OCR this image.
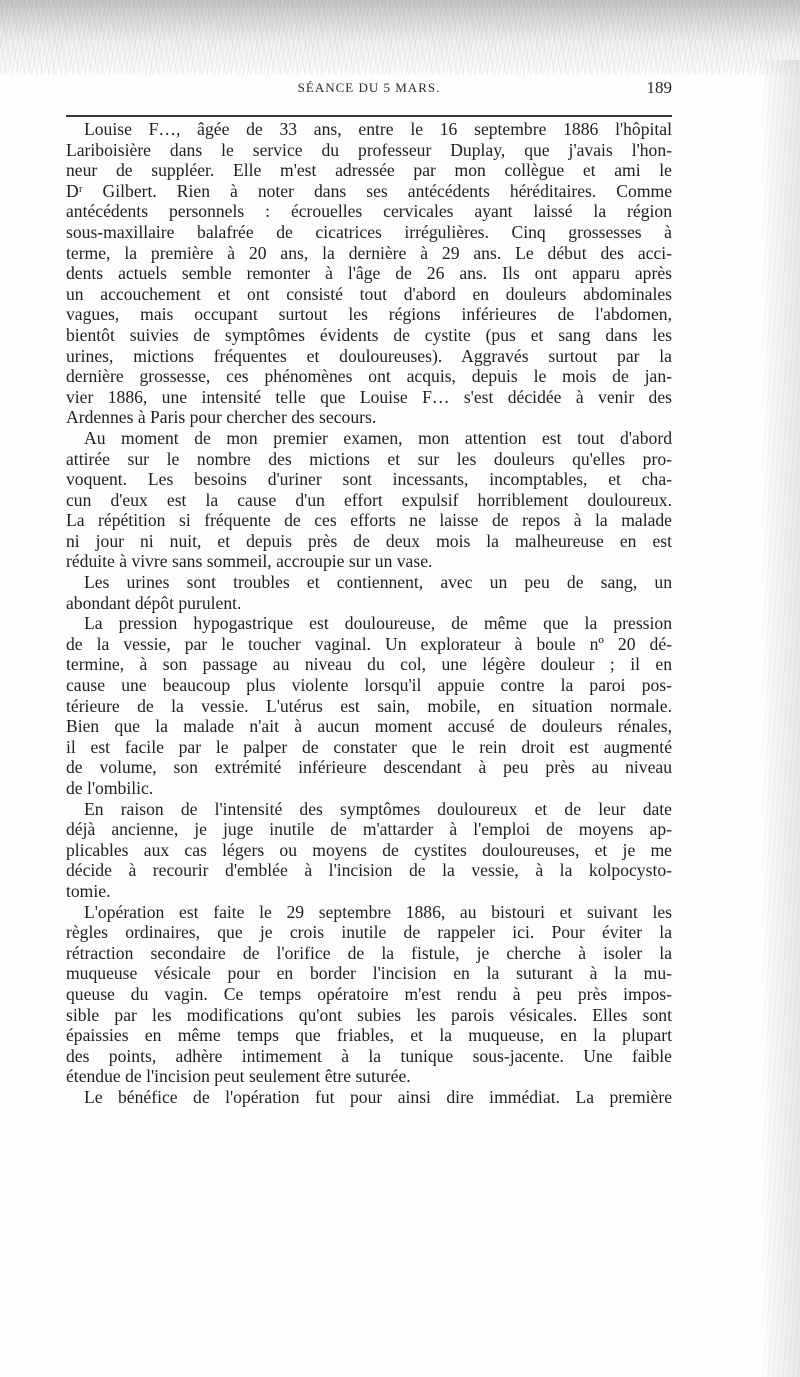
SÉANCE DU 5 MARS.	189
Louise F…, âgée de 33 ans, entre le 16 septembre 1886 l'hôpital
Lariboisière dans le service du professeur Duplay, que j'avais l'hon-
neur de suppléer. Elle m'est adressée par mon collègue et ami le
Dʳ Gilbert. Rien à noter dans ses antécédents héréditaires. Comme
antécédents personnels : écrouelles cervicales ayant laissé la région
sous-maxillaire balafrée de cicatrices irrégulières. Cinq grossesses à
terme, la première à 20 ans, la dernière à 29 ans. Le début des acci-
dents actuels semble remonter à l'âge de 26 ans. Ils ont apparu après
un accouchement et ont consisté tout d'abord en douleurs abdominales
vagues, mais occupant surtout les régions inférieures de l'abdomen,
bientôt suivies de symptômes évidents de cystite (pus et sang dans les
urines, mictions fréquentes et douloureuses). Aggravés surtout par la
dernière grossesse, ces phénomènes ont acquis, depuis le mois de jan-
vier 1886, une intensité telle que Louise F… s'est décidée à venir des
Ardennes à Paris pour chercher des secours.
Au moment de mon premier examen, mon attention est tout d'abord
attirée sur le nombre des mictions et sur les douleurs qu'elles pro-
voquent. Les besoins d'uriner sont incessants, incomptables, et cha-
cun d'eux est la cause d'un effort expulsif horriblement douloureux.
La répétition si fréquente de ces efforts ne laisse de repos à la malade
ni jour ni nuit, et depuis près de deux mois la malheureuse en est
réduite à vivre sans sommeil, accroupie sur un vase.
Les urines sont troubles et contiennent, avec un peu de sang, un
abondant dépôt purulent.
La pression hypogastrique est douloureuse, de même que la pression
de la vessie, par le toucher vaginal. Un explorateur à boule nº 20 dé-
termine, à son passage au niveau du col, une légère douleur ; il en
cause une beaucoup plus violente lorsqu'il appuie contre la paroi pos-
térieure de la vessie. L'utérus est sain, mobile, en situation normale.
Bien que la malade n'ait à aucun moment accusé de douleurs rénales,
il est facile par le palper de constater que le rein droit est augmenté
de volume, son extrémité inférieure descendant à peu près au niveau
de l'ombilic.
En raison de l'intensité des symptômes douloureux et de leur date
déjà ancienne, je juge inutile de m'attarder à l'emploi de moyens ap-
plicables aux cas légers ou moyens de cystites douloureuses, et je me
décide à recourir d'emblée à l'incision de la vessie, à la kolpocysto-
tomie.
L'opération est faite le 29 septembre 1886, au bistouri et suivant les
règles ordinaires, que je crois inutile de rappeler ici. Pour éviter la
rétraction secondaire de l'orifice de la fistule, je cherche à isoler la
muqueuse vésicale pour en border l'incision en la suturant à la mu-
queuse du vagin. Ce temps opératoire m'est rendu à peu près impos-
sible par les modifications qu'ont subies les parois vésicales. Elles sont
épaissies en même temps que friables, et la muqueuse, en la plupart
des points, adhère intimement à la tunique sous-jacente. Une faible
étendue de l'incision peut seulement être suturée.
Le bénéfice de l'opération fut pour ainsi dire immédiat. La première
